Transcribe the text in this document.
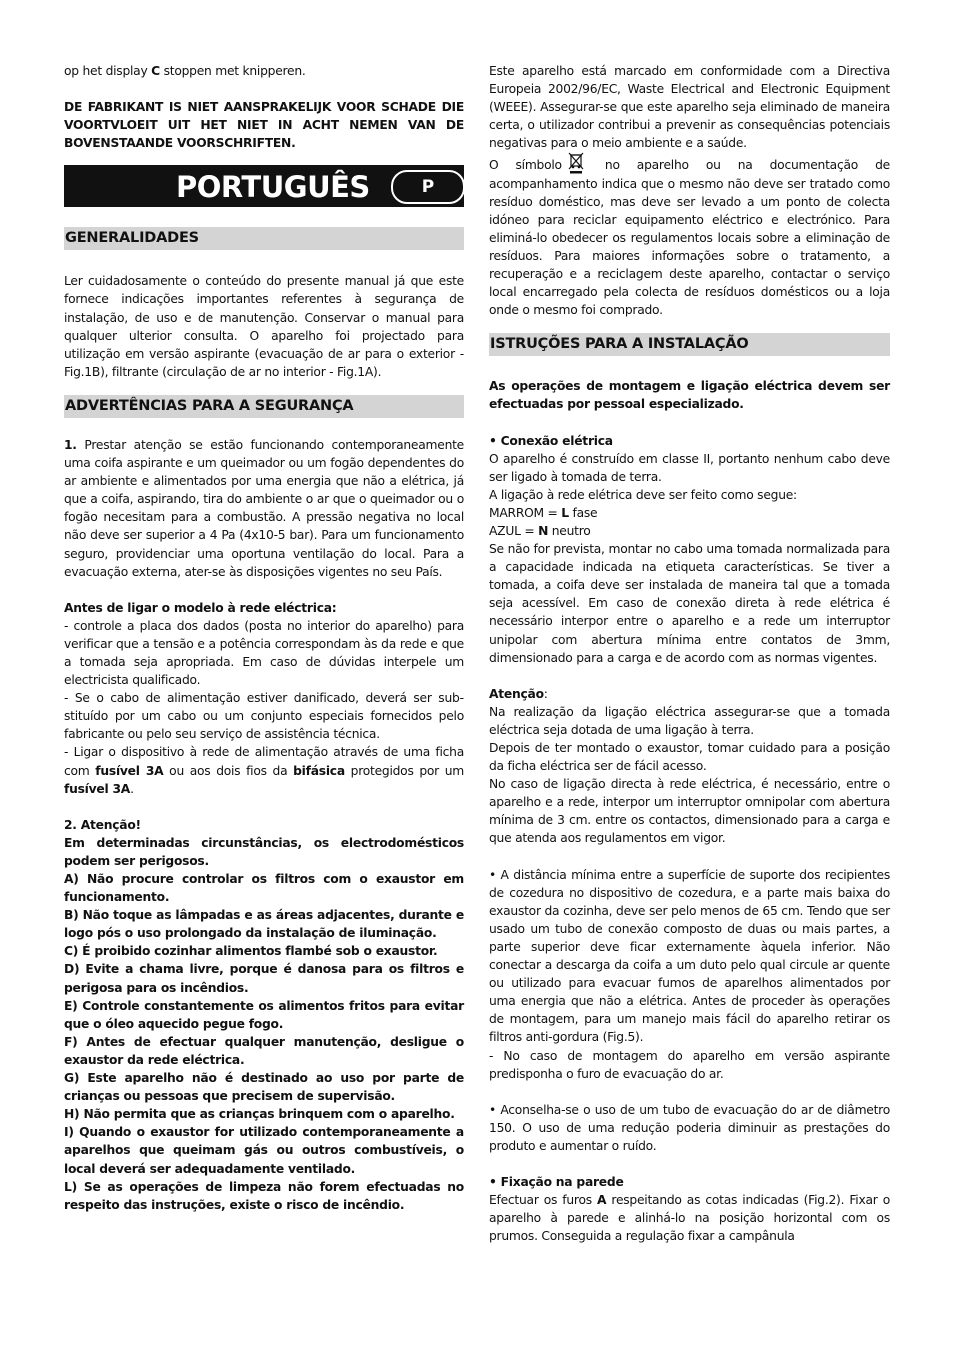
op het display C stoppen met knipperen.

DE FABRIKANT IS NIET AANSPRAKELIJK VOOR SCHADE DIE VOORTVLOEIT UIT HET NIET IN ACHT NEMEN VAN DE BOVENSTAANDE VOORSCHRIFTEN.

PORTUGUÊS	P
GENERALIDADES

Ler cuidadosamente o conteúdo do presente manual já que este fornece indicações importantes referentes à segurança de instalação, de uso e de manutenção. Conservar o manual para qualquer ulterior consulta. O aparelho foi projectado para utilização em versão aspirante (evacuação de ar para o exterior - Fig.1B), filtrante (circulação de ar no interior - Fig.1A).

ADVERTÊNCIAS PARA A SEGURANÇA

1. Prestar atenção se estão funcionando contemporaneamente uma coifa aspirante e um queimador ou um fogão dependentes do ar ambiente e alimentados por uma energia que não a elétrica, já que a coifa, aspirando, tira do ambiente o ar que o queimador ou o fogão necesitam para a combustão. A pressão negativa no local não deve ser superior a 4 Pa (4x10-5 bar). Para um funcionamento seguro, providenciar uma oportuna ventilação do local. Para a evacuação externa, ater-se às disposições vigentes no seu País.

Antes de ligar o modelo à rede eléctrica:

- controle a placa dos dados (posta no interior do aparelho) para verificar que a tensão e a potência correspondam às da rede e que a tomada seja apropriada. Em caso de dúvidas interpele um electricista qualificado.

- Se o cabo de alimentação estiver danificado, deverá ser substituído por um cabo ou um conjunto especiais fornecidos pelo fabricante ou pelo seu serviço de assistência técnica.

- Ligar o dispositivo à rede de alimentação através de uma ficha com fusível 3A ou aos dois fios da bifásica protegidos por um fusível 3A.

2. Atenção!

Em determinadas circunstâncias, os electrodomésticos podem ser perigosos.

A) Não procure controlar os filtros com o exaustor em funcionamento.

B) Não toque as lâmpadas e as áreas adjacentes, durante e logo pós o uso prolongado da instalação de iluminação.

C) É proibido cozinhar alimentos flambé sob o exaustor.

D) Evite a chama livre, porque é danosa para os filtros e perigosa para os incêndios.

E) Controle constantemente os alimentos fritos para evitar que o óleo aquecido pegue fogo.

F) Antes de efectuar qualquer manutenção, desligue o exaustor da rede eléctrica.

G) Este aparelho não é destinado ao uso por parte de crianças ou pessoas que precisem de supervisão.

H) Não permita que as crianças brinquem com o aparelho.

I) Quando o exaustor for utilizado contemporaneamente a aparelhos que queimam gás ou outros combustíveis, o local deverá ser adequadamente ventilado.

L) Se as operações de limpeza não forem efectuadas no respeito das instruções, existe o risco de incêndio.

Este aparelho está marcado em conformidade com a Directiva Europeia 2002/96/EC, Waste Electrical and Electronic Equipment (WEEE). Assegurar-se que este aparelho seja eliminado de maneira certa, o utilizador contribui a prevenir as consequências potenciais negativas para o meio ambiente e a saúde.

O símbolo	no aparelho ou na documentação de acompanhamento indica que o mesmo não deve ser tratado como resíduo doméstico, mas deve ser levado a um ponto de colecta idóneo para reciclar equipamento eléctrico e electrónico. Para eliminá-lo obedecer os regulamentos locais sobre a eliminação de resíduos. Para maiores informações sobre o tratamento, a recuperação e a reciclagem deste aparelho, contactar o serviço local encarregado pela colecta de resíduos domésticos ou a loja onde o mesmo foi comprado.

ISTRUÇÕES PARA A INSTALAÇÃO

As operações de montagem e ligação eléctrica devem ser efectuadas por pessoal especializado.

• Conexão elétrica

O aparelho é construído em classe II, portanto nenhum cabo deve ser ligado à tomada de terra.

A ligação à rede elétrica deve ser feito como segue:

MARROM = L fase

AZUL = N neutro

Se não for prevista, montar no cabo uma tomada normalizada para a capacidade indicada na etiqueta características. Se tiver a tomada, a coifa deve ser instalada de maneira tal que a tomada seja acessível. Em caso de conexão direta à rede elétrica é necessário interpor entre o aparelho e a rede um interruptor unipolar com abertura mínima entre contatos de 3mm, dimensionado para a carga e de acordo com as normas vigentes.

Atenção:

Na realização da ligação eléctrica assegurar-se que a tomada eléctrica seja dotada de uma ligação à terra.

Depois de ter montado o exaustor, tomar cuidado para a posição da ficha eléctrica ser de fácil acesso.

No caso de ligação directa à rede eléctrica, é necessário, entre o aparelho e a rede, interpor um interruptor omnipolar com abertura mínima de 3 cm. entre os contactos, dimensionado para a carga e que atenda aos regulamentos em vigor.

• A distância mínima entre a superfície de suporte dos recipientes de cozedura no dispositivo de cozedura, e a parte mais baixa do exaustor da cozinha, deve ser pelo menos de 65 cm. Tendo que ser usado um tubo de conexão composto de duas ou mais partes, a parte superior deve ficar externamente àquela inferior. Não conectar a descarga da coifa a um duto pelo qual circule ar quente ou utilizado para evacuar fumos de aparelhos alimentados por uma energia que não a elétrica. Antes de proceder às operações de montagem, para um manejo mais fácil do aparelho retirar os filtros anti-gordura (Fig.5).

- No caso de montagem do aparelho em versão aspirante predisponha o furo de evacuação do ar.

• Aconselha-se o uso de um tubo de evacuação do ar de diâmetro 150. O uso de uma redução poderia diminuir as prestações do produto e aumentar o ruído.

• Fixação na parede

Efectuar os furos A respeitando as cotas indicadas (Fig.2). Fixar o aparelho à parede e alinhá-lo na posição horizontal com os prumos. Conseguida a regulação fixar a campânula
